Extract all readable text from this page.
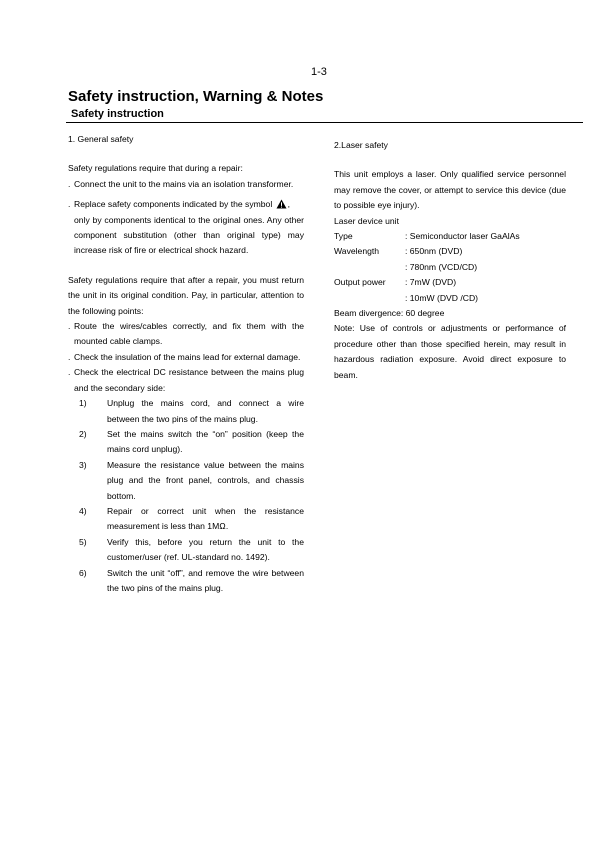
1-3
Safety instruction, Warning & Notes
Safety instruction

1. General safety

Safety regulations require that during a repair:

. Connect the unit to the mains via an isolation transformer.
. Replace safety components indicated by the symbol ,
only by components identical to the original ones. Any other component substitution (other than original type) may increase risk of fire or electrical shock hazard.

Safety regulations require that after a repair, you must return the unit in its original condition. Pay, in particular, attention to the following points:

. Route the wires/cables correctly, and fix them with the mounted cable clamps.
. Check the insulation of the mains lead for external damage.
. Check the electrical DC resistance between the mains plug and the secondary side:
1)	Unplug the mains cord, and connect a wire between the two pins of the mains plug.
2)	Set the mains switch the “on” position (keep the mains cord unplug).
3)	Measure the resistance value between the mains plug and the front panel, controls, and chassis bottom.
4)	Repair or correct unit when the resistance measurement is less than 1MΩ.
5)	Verify this, before you return the unit to the customer/user (ref. UL-standard no. 1492).
6)	Switch the unit “off”, and remove the wire between the two pins of the mains plug.

2.Laser safety

This unit employs a laser. Only qualified service personnel may remove the cover, or attempt to service this device (due to possible eye injury).

Laser device unit

Type	: Semiconductor laser GaAlAs
Wavelength	: 650nm (DVD)
: 780nm (VCD/CD)
Output power	: 7mW (DVD)
: 10mW (DVD /CD)

Beam divergence: 60 degree

Note: Use of controls or adjustments or performance of procedure other than those specified herein, may result in hazardous radiation exposure. Avoid direct exposure to beam.
